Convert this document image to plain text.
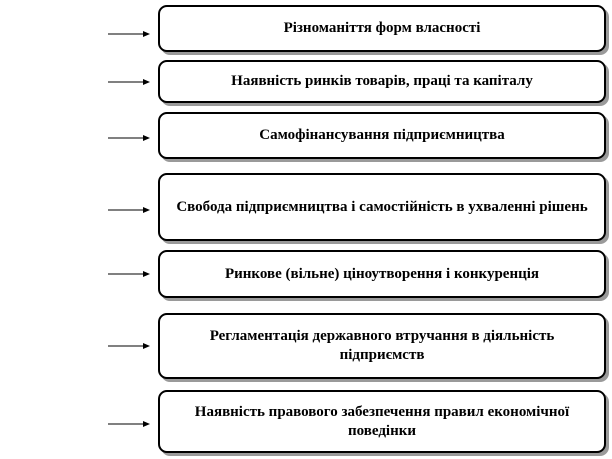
Різноманіття форм власності
Наявність ринків товарів, праці та капіталу
Самофінансування підприємництва
Свобода підприємництва і самостійність в ухваленні рішень
Ринкове (вільне) ціноутворення і конкуренція
Регламентація державного втручання в діяльність підприємств
Наявність правового забезпечення правил економічної поведінки
